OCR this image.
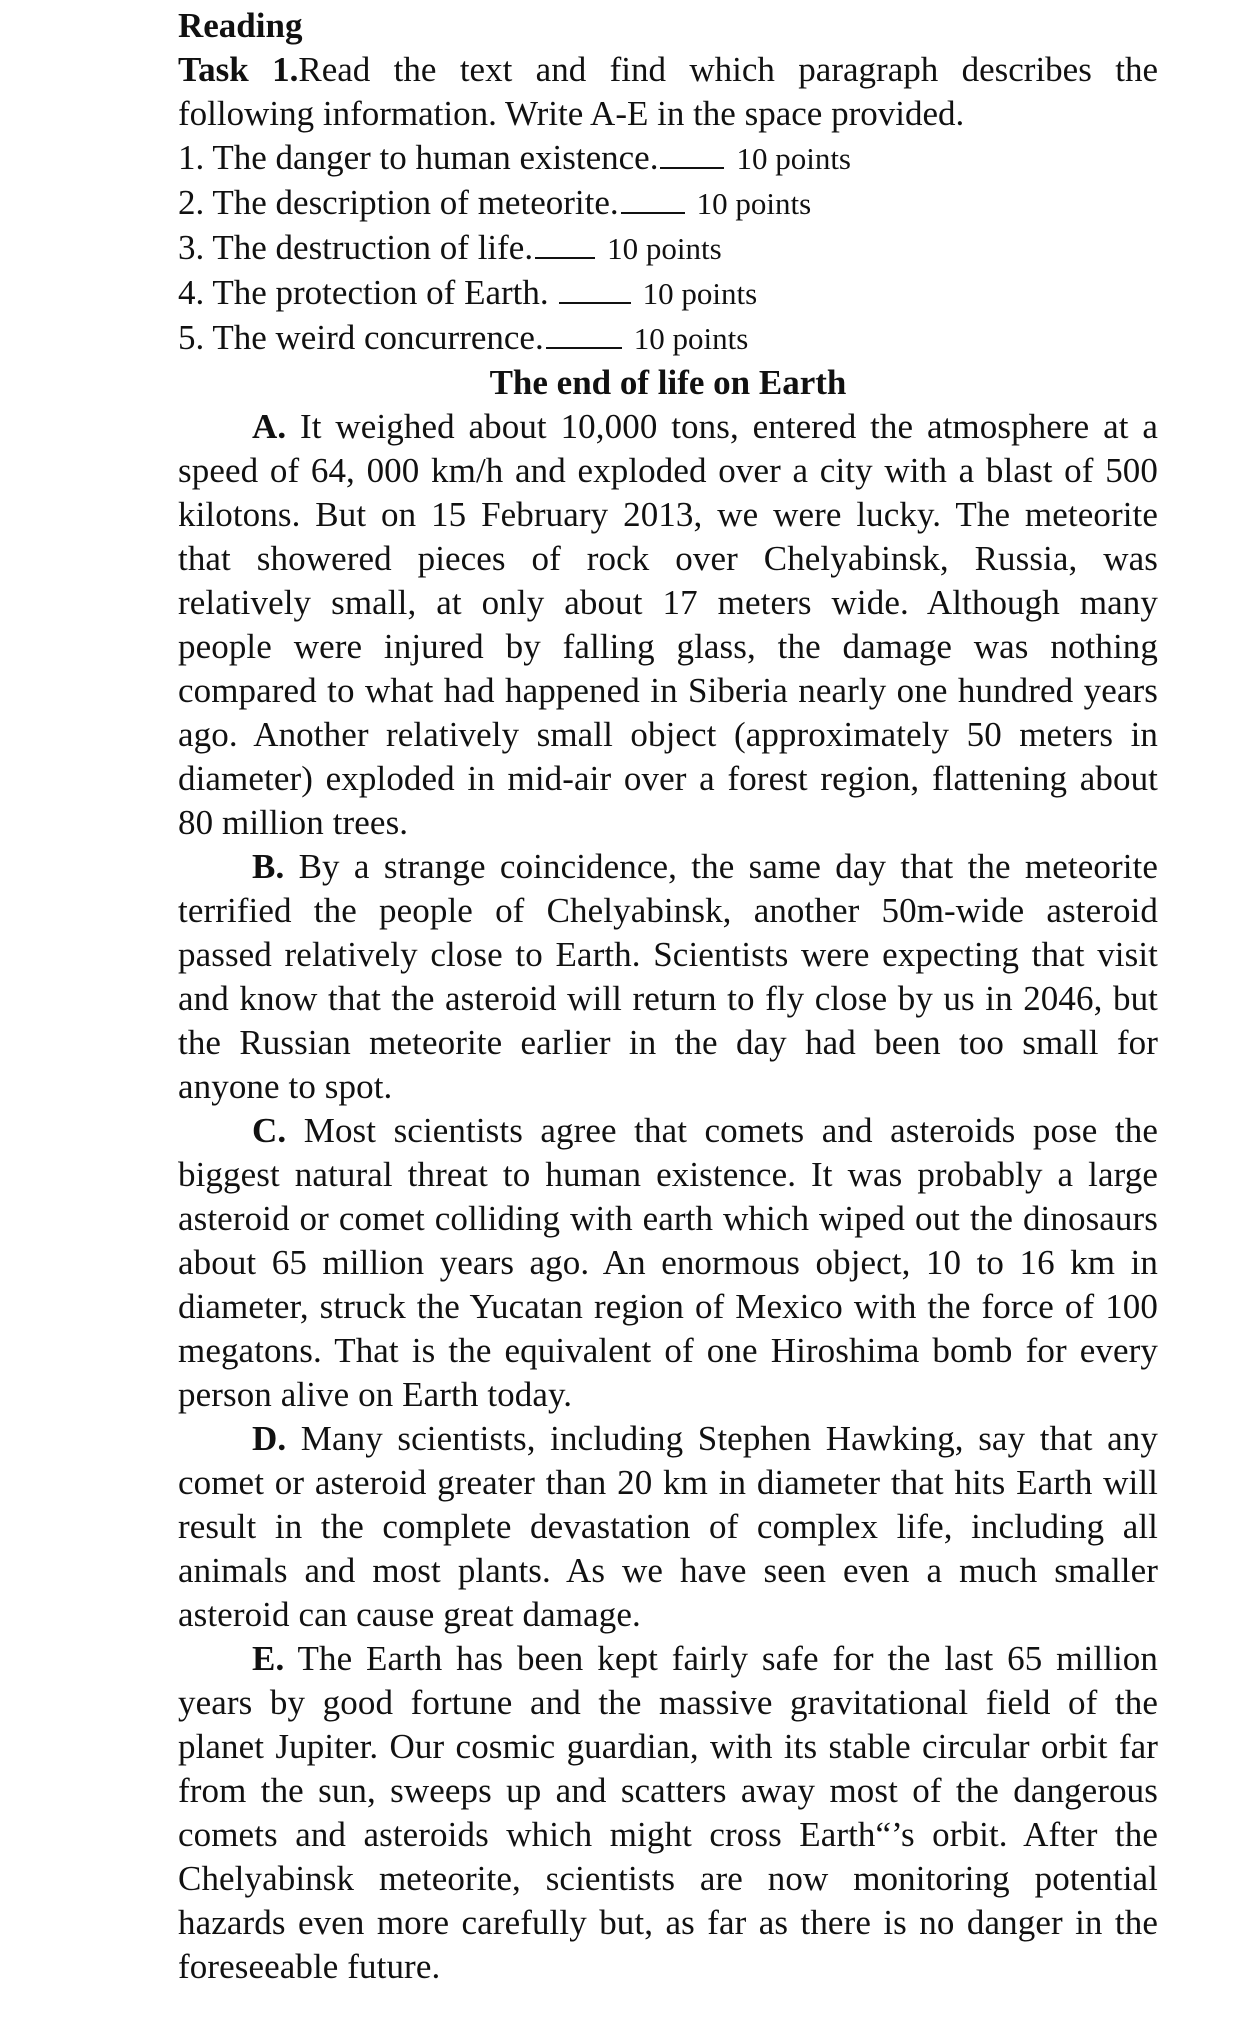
Reading

Task 1.Read the text and find which paragraph describes the following information. Write A-E in the space provided.

1. The danger to human existence.	10 points

2. The description of meteorite.	10 points

3. The destruction of life. 10 points

4. The protection of Earth.	10 points

5. The weird concurrence.	10 points

The end of life on Earth

A. It weighed about 10,000 tons, entered the atmosphere at a speed of 64, 000 km/h and exploded over a city with a blast of 500 kilotons. But on 15 February 2013, we were lucky. The meteorite that showered pieces of rock over Chelyabinsk, Russia, was relatively small, at only about 17 meters wide. Although many people were injured by falling glass, the damage was nothing compared to what had happened in Siberia nearly one hundred years ago. Another relatively small object (approximately 50 meters in diameter) exploded in mid-air over a forest region, flattening about 80 million trees.

B. By a strange coincidence, the same day that the meteorite terrified the people of Chelyabinsk, another 50m-wide asteroid passed relatively close to Earth. Scientists were expecting that visit and know that the asteroid will return to fly close by us in 2046, but the Russian meteorite earlier in the day had been too small for anyone to spot.

C. Most scientists agree that comets and asteroids pose the biggest natural threat to human existence. It was probably a large asteroid or comet colliding with earth which wiped out the dinosaurs about 65 million years ago. An enormous object, 10 to 16 km in diameter, struck the Yucatan region of Mexico with the force of 100 megatons. That is the equivalent of one Hiroshima bomb for every person alive on Earth today.

D. Many scientists, including Stephen Hawking, say that any comet or asteroid greater than 20 km in diameter that hits Earth will result in the complete devastation of complex life, including all animals and most plants. As we have seen even a much smaller asteroid can cause great damage.

E. The Earth has been kept fairly safe for the last 65 million years by good fortune and the massive gravitational field of the planet Jupiter. Our cosmic guardian, with its stable circular orbit far from the sun, sweeps up and scatters away most of the dangerous comets and asteroids which might cross Earth“’s orbit. After the Chelyabinsk meteorite, scientists are now monitoring potential hazards even more carefully but, as far as there is no danger in the foreseeable future.
